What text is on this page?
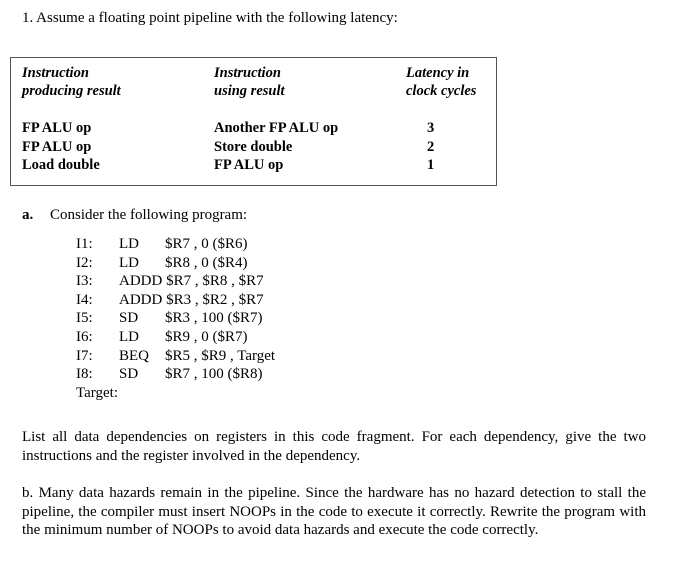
1. Assume a floating point pipeline with the following latency:
Instruction
producing result
Instruction
using result
Latency in
clock cycles
FP ALU op
FP ALU op
Load double
Another FP ALU op
Store double
FP ALU op
3
2
1
a. Consider the following program:
I1: LD $R7 , 0 ($R6)
I2: LD $R8 , 0 ($R4)
I3: ADDD $R7 , $R8 , $R7
I4: ADDD $R3 , $R2 , $R7
I5: SD $R3 , 100 ($R7)
I6: LD $R9 , 0 ($R7)
I7: BEQ $R5 , $R9 , Target
I8: SD $R7 , 100 ($R8)
Target:
List all data dependencies on registers in this code fragment. For each dependency, give the two instructions and the register involved in the dependency.
b. Many data hazards remain in the pipeline. Since the hardware has no hazard detection to stall the pipeline, the compiler must insert NOOPs in the code to execute it correctly. Rewrite the program with the minimum number of NOOPs to avoid data hazards and execute the code correctly.
